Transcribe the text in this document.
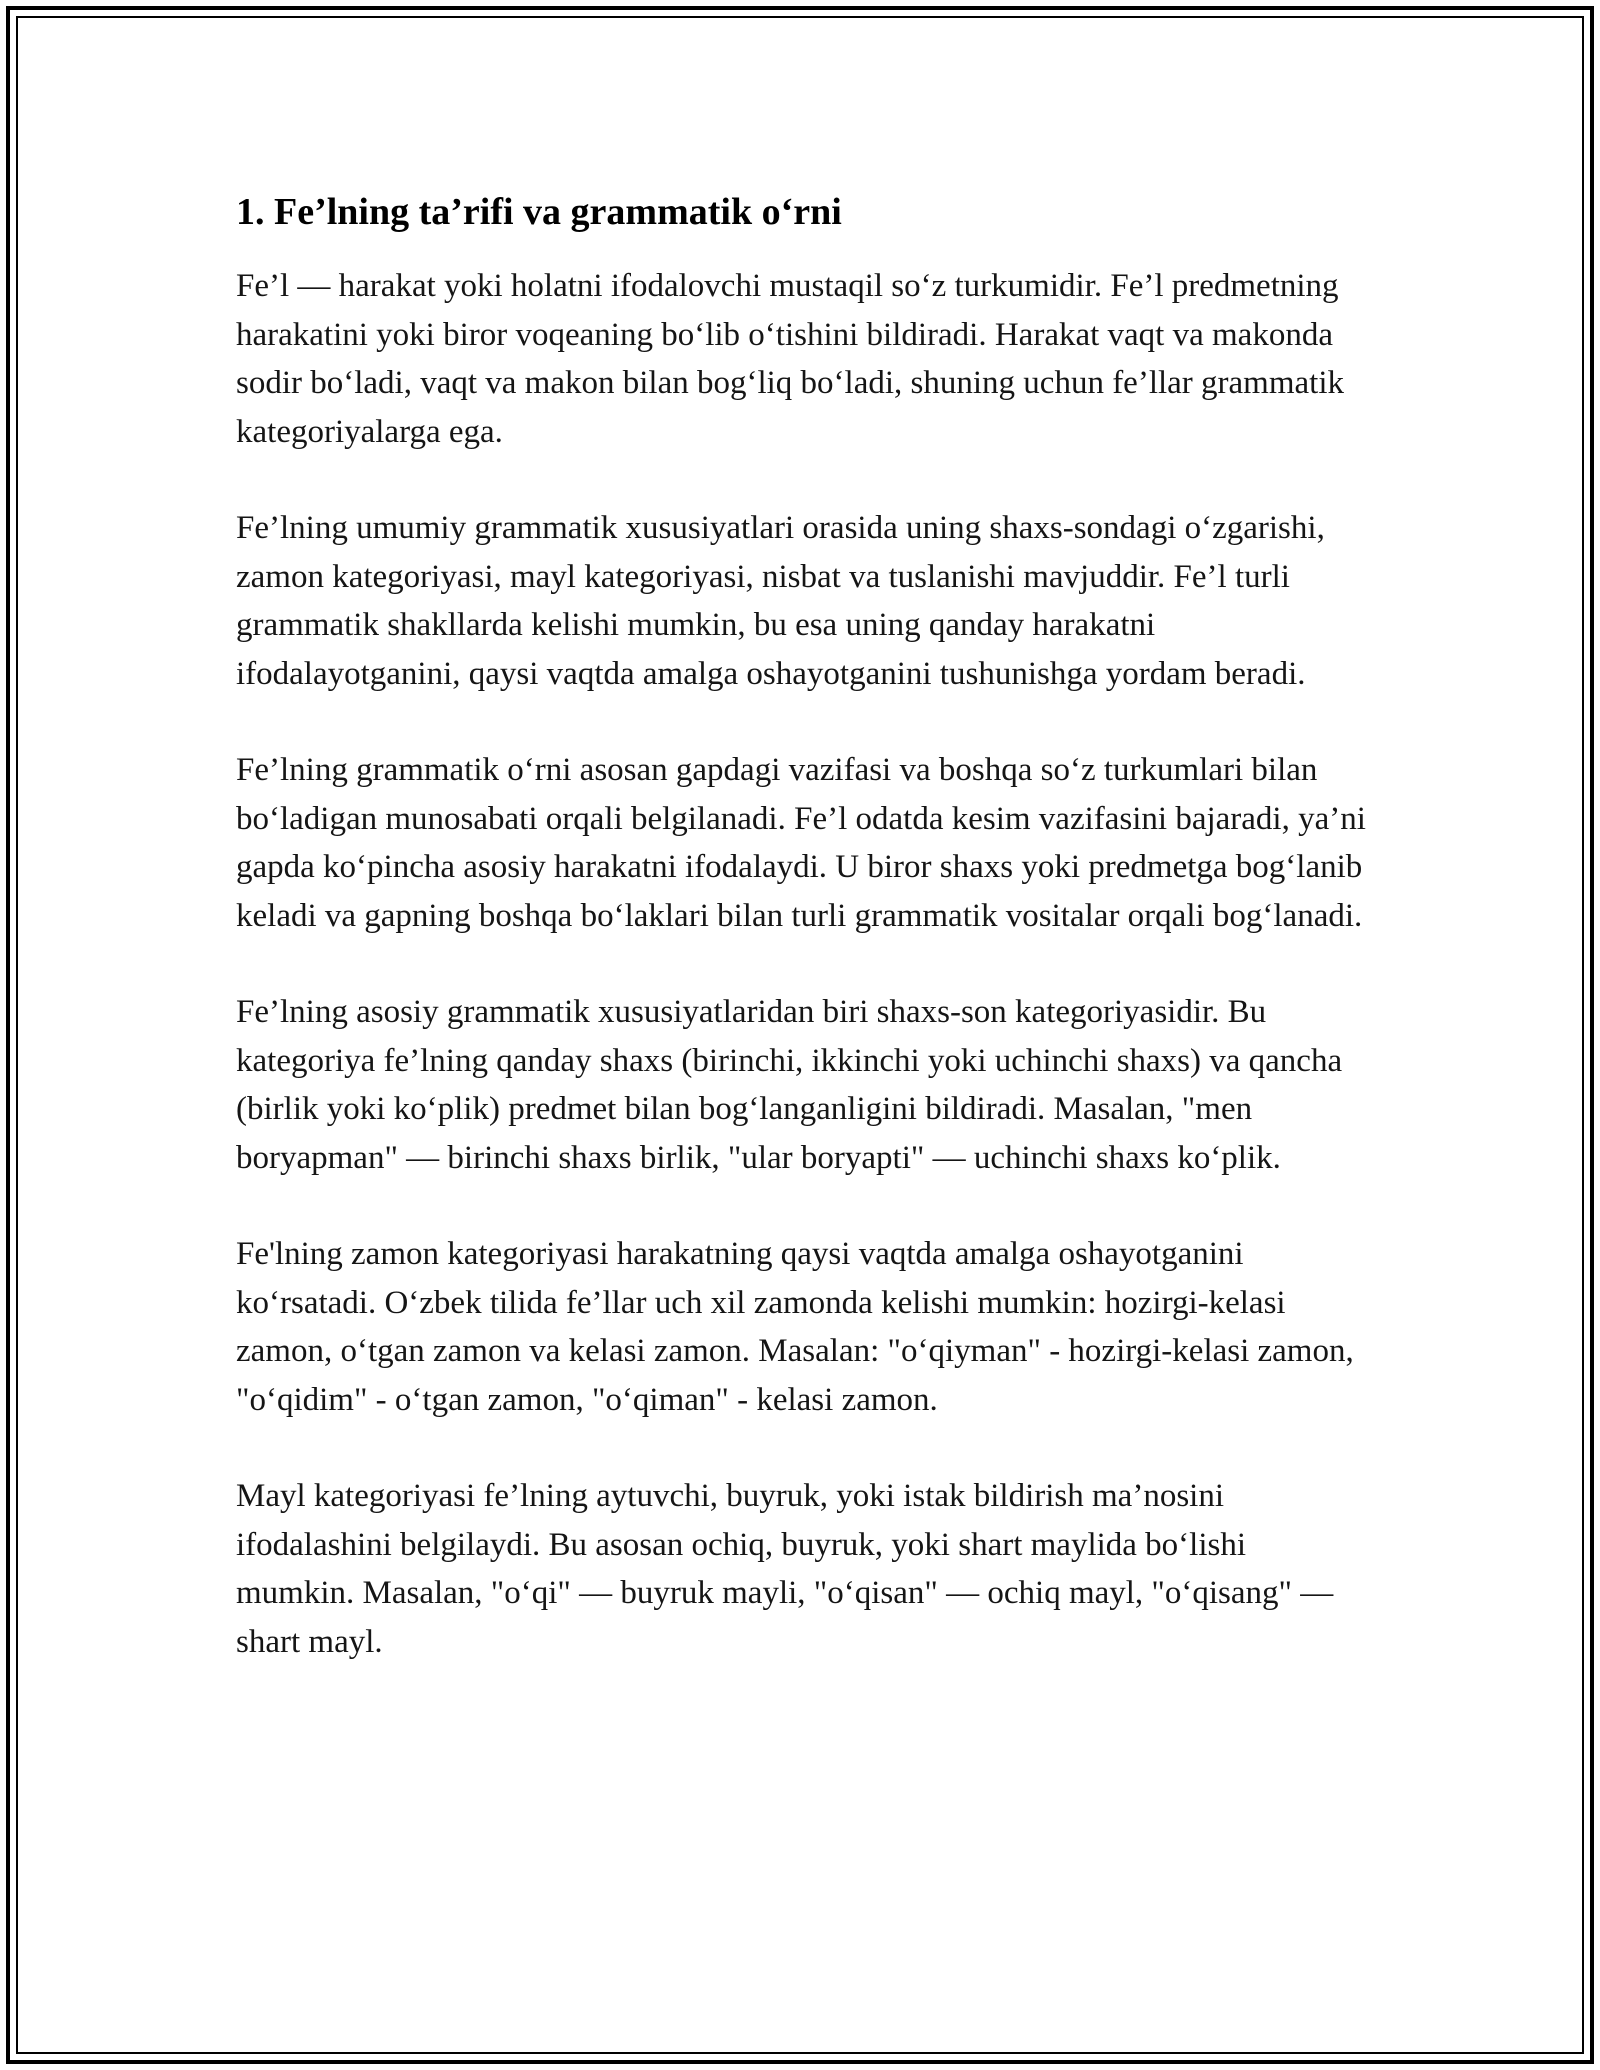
1. Fe’lning ta’rifi va grammatik o‘rni

Fe’l — harakat yoki holatni ifodalovchi mustaqil so‘z turkumidir. Fe’l predmetning harakatini yoki biror voqeaning bo‘lib o‘tishini bildiradi. Harakat vaqt va makonda sodir bo‘ladi, vaqt va makon bilan bog‘liq bo‘ladi, shuning uchun fe’llar grammatik kategoriyalarga ega.

Fe’lning umumiy grammatik xususiyatlari orasida uning shaxs-sondagi o‘zgarishi, zamon kategoriyasi, mayl kategoriyasi, nisbat va tuslanishi mavjuddir. Fe’l turli grammatik shakllarda kelishi mumkin, bu esa uning qanday harakatni ifodalayotganini, qaysi vaqtda amalga oshayotganini tushunishga yordam beradi.

Fe’lning grammatik o‘rni asosan gapdagi vazifasi va boshqa so‘z turkumlari bilan bo‘ladigan munosabati orqali belgilanadi. Fe’l odatda kesim vazifasini bajaradi, ya’ni gapda ko‘pincha asosiy harakatni ifodalaydi. U biror shaxs yoki predmetga bog‘lanib keladi va gapning boshqa bo‘laklari bilan turli grammatik vositalar orqali bog‘lanadi.

Fe’lning asosiy grammatik xususiyatlaridan biri shaxs-son kategoriyasidir. Bu kategoriya fe’lning qanday shaxs (birinchi, ikkinchi yoki uchinchi shaxs) va qancha (birlik yoki ko‘plik) predmet bilan bog‘langanligini bildiradi. Masalan, "men boryapman" — birinchi shaxs birlik, "ular boryapti" — uchinchi shaxs ko‘plik.

Fe'lning zamon kategoriyasi harakatning qaysi vaqtda amalga oshayotganini ko‘rsatadi. O‘zbek tilida fe’llar uch xil zamonda kelishi mumkin: hozirgi-kelasi zamon, o‘tgan zamon va kelasi zamon. Masalan: "o‘qiyman" - hozirgi-kelasi zamon, "o‘qidim" - o‘tgan zamon, "o‘qiman" - kelasi zamon.

Mayl kategoriyasi fe’lning aytuvchi, buyruk, yoki istak bildirish ma’nosini ifodalashini belgilaydi. Bu asosan ochiq, buyruk, yoki shart maylida bo‘lishi mumkin. Masalan, "o‘qi" — buyruk mayli, "o‘qisan" — ochiq mayl, "o‘qisang" — shart mayl.
